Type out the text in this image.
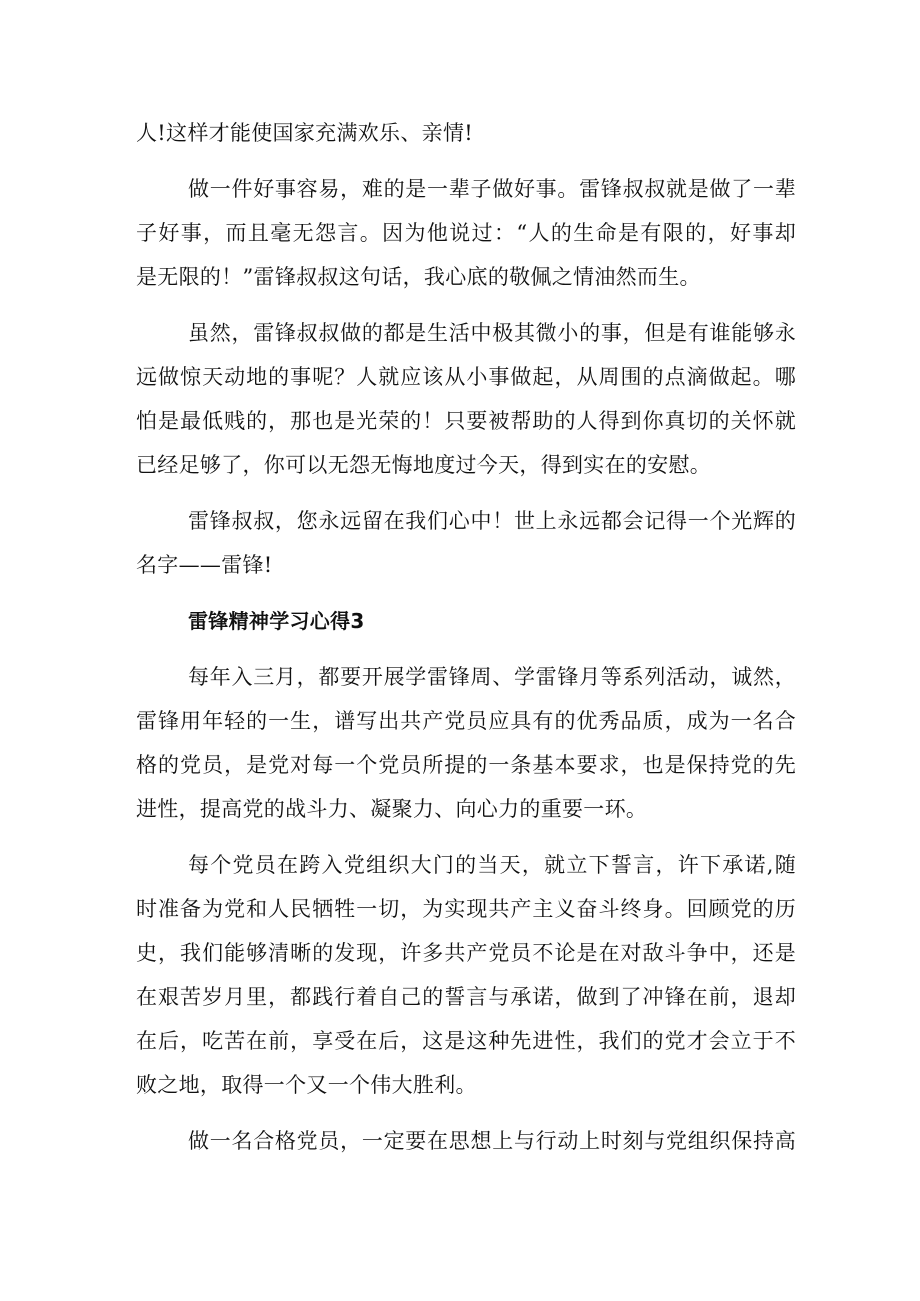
人!这样才能使国家充满欢乐、亲情!
做一件好事容易，难的是一辈子做好事。雷锋叔叔就是做了一辈
子好事，而且毫无怨言。因为他说过：“人的生命是有限的，好事却
是无限的！”雷锋叔叔这句话，我心底的敬佩之情油然而生。
虽然，雷锋叔叔做的都是生活中极其微小的事，但是有谁能够永
远做惊天动地的事呢？人就应该从小事做起，从周围的点滴做起。哪
怕是最低贱的，那也是光荣的！只要被帮助的人得到你真切的关怀就
已经足够了，你可以无怨无悔地度过今天，得到实在的安慰。
雷锋叔叔，您永远留在我们心中！世上永远都会记得一个光辉的
名字——雷锋!
雷锋精神学习心得3
每年入三月，都要开展学雷锋周、学雷锋月等系列活动，诚然，
雷锋用年轻的一生，谱写出共产党员应具有的优秀品质，成为一名合
格的党员，是党对每一个党员所提的一条基本要求，也是保持党的先
进性，提高党的战斗力、凝聚力、向心力的重要一环。
每个党员在跨入党组织大门的当天，就立下誓言，许下承诺,随
时准备为党和人民牺牲一切，为实现共产主义奋斗终身。回顾党的历
史，我们能够清晰的发现，许多共产党员不论是在对敌斗争中，还是
在艰苦岁月里，都践行着自己的誓言与承诺，做到了冲锋在前，退却
在后，吃苦在前，享受在后，这是这种先进性，我们的党才会立于不
败之地，取得一个又一个伟大胜利。
做一名合格党员，一定要在思想上与行动上时刻与党组织保持高
